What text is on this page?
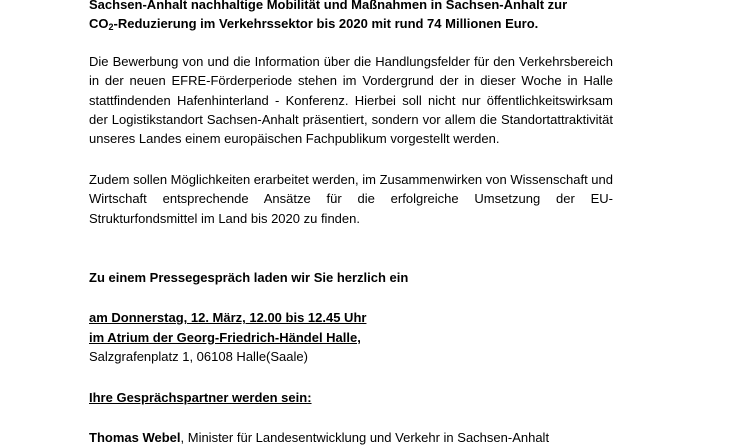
Sachsen-Anhalt nachhaltige Mobilität und Maßnahmen in Sachsen-Anhalt zur
$CO_2$-Reduzierung im Verkehrssektor bis 2020 mit rund 74 Millionen Euro.
Die Bewerbung von und die Information über die Handlungsfelder für den Verkehrsbereich in der neuen EFRE-Förderperiode stehen im Vordergrund der in dieser Woche in Halle stattfindenden Hafenhinterland - Konferenz. Hierbei soll nicht nur öffentlichkeitswirksam der Logistikstandort Sachsen-Anhalt präsentiert, sondern vor allem die Standortattraktivität unseres Landes einem europäischen Fachpublikum vorgestellt werden.
Zudem sollen Möglichkeiten erarbeitet werden, im Zusammenwirken von Wissenschaft und Wirtschaft entsprechende Ansätze für die erfolgreiche Umsetzung der EU-Strukturfondsmittel im Land bis 2020 zu finden.
Zu einem Pressegespräch laden wir Sie herzlich ein
am Donnerstag, 12. März, 12.00 bis 12.45 Uhr
im Atrium der Georg-Friedrich-Händel Halle,
Salzgrafenplatz 1, 06108 Halle(Saale)
Ihre Gesprächspartner werden sein:
Thomas Webel, Minister für Landesentwicklung und Verkehr in Sachsen-Anhalt
